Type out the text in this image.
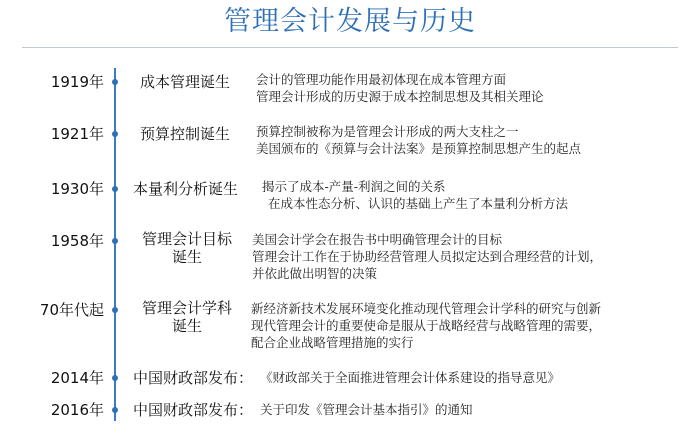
管理会计发展与历史
1919年 成本管理诞生 会计的管理功能作用最初体现在成本管理方面
管理会计形成的历史源于成本控制思想及其相关理论
1921年 预算控制诞生 预算控制被称为是管理会计形成的两大支柱之一
美国颁布的《预算与会计法案》是预算控制思想产生的起点
1930年 本量利分析诞生 揭示了成本-产量-利润之间的关系
在成本性态分析、认识的基础上产生了本量利分析方法
1958年	管理会计目标
诞生
美国会计学会在报告书中明确管理会计的目标
管理会计工作在于协助经营管理人员拟定达到合理经营的计划，
并依此做出明智的决策
70年代起	管理会计学科
诞生
新经济新技术发展环境变化推动现代管理会计学科的研究与创新
现代管理会计的重要使命是服从于战略经营与战略管理的需要，
配合企业战略管理措施的实行
2014年 中国财政部发布： 《财政部关于全面推进管理会计体系建设的指导意见》
2016年 中国财政部发布： 关于印发《管理会计基本指引》的通知
